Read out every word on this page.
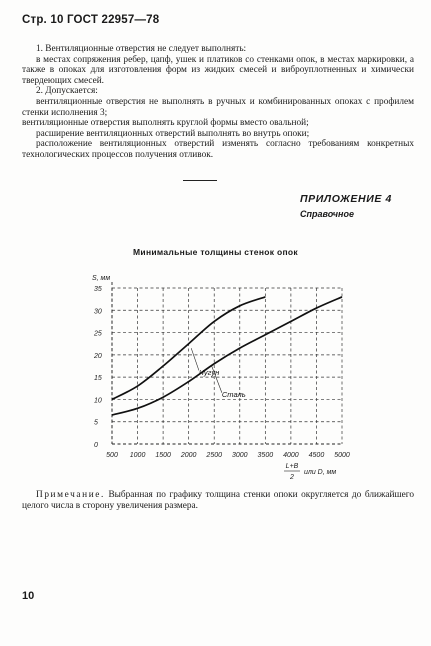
Стр. 10 ГОСТ 22957—78

1. Вентиляционные отверстия не следует выполнять:

в местах сопряжения ребер, цапф, ушек и платиков со стенками опок, в местах маркировки, а также в опоках для изготовления форм из жидких смесей и виброуплотненных и химически твердеющих смесей.

2. Допускается:

вентиляционные отверстия не выполнять в ручных и комбинированных опоках с профилем стенки исполнения 3;

вентиляционные отверстия выполнять круглой формы вместо овальной;

расширение вентиляционных отверстий выполнять во внутрь опоки;

расположение вентиляционных отверстий изменять согласно требованиям конкретных технологических процессов получения отливок.

ПРИЛОЖЕНИЕ 4
Справочное
Минимальные толщины стенок опок
0
5
10
15
20
25
30
35
500 1000 1500 2000 2500 3000 3500 4000 4500 5000
S, мм
L+B
2
или D, мм
Чугун
Сталь

Примечание. Выбранная по графику толщина стенки опоки округляется до ближайшего целого числа в сторону увеличения размера.

10
